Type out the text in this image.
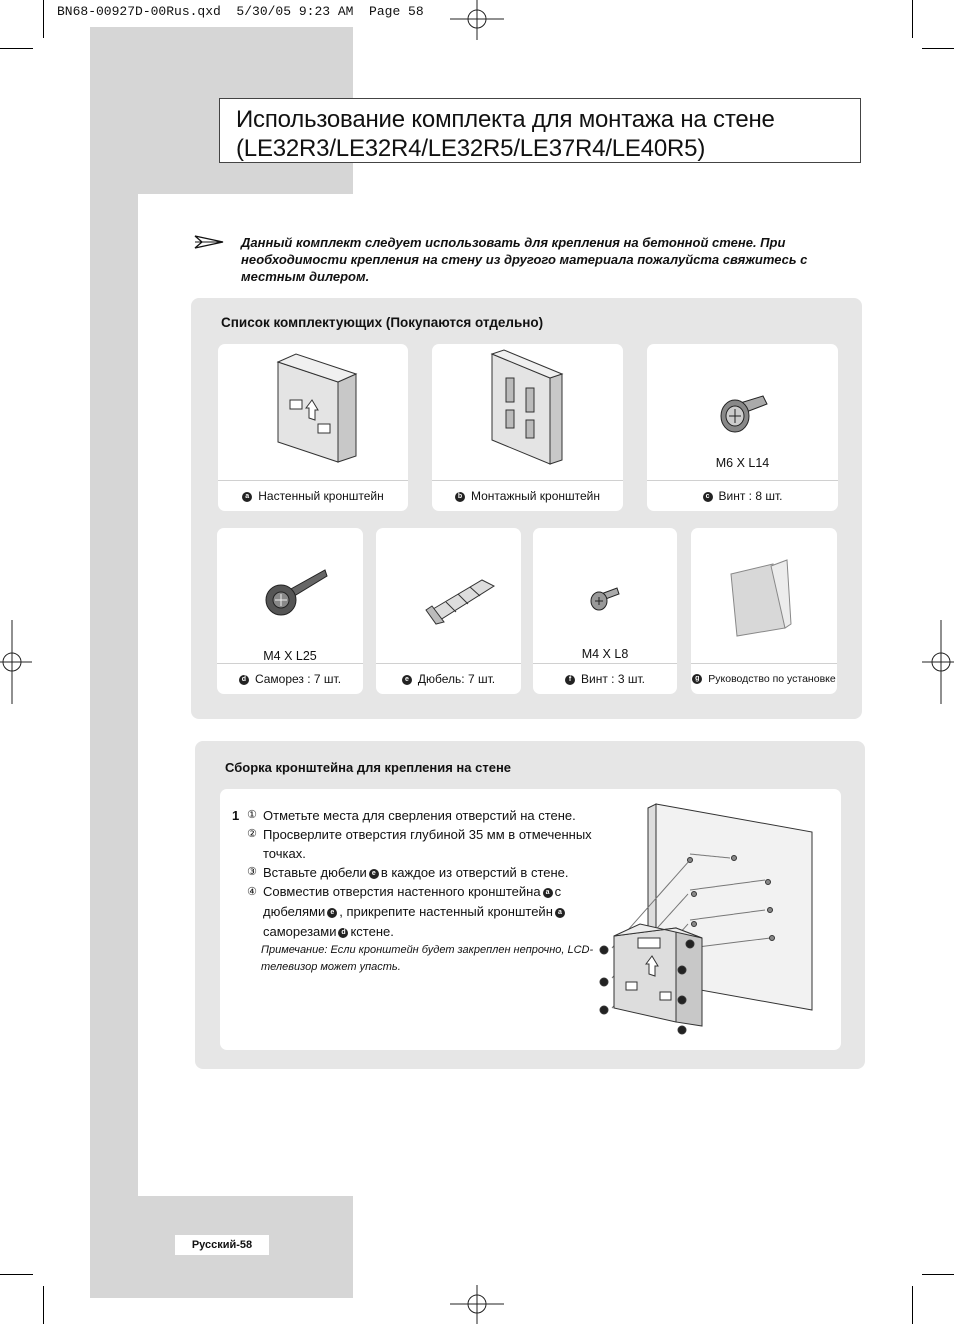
BN68-00927D-00Rus.qxd  5/30/05 9:23 AM  Page 58
Использование комплекта для монтажа на стене
(LE32R3/LE32R4/LE32R5/LE37R4/LE40R5)
Данный комплект следует использовать для крепления на бетонной стене. При необходимости крепления на стену из другого материала пожалуйста свяжитесь с местным дилером.
Список комплектующих (Покупаются отдельно)
a Настенный кронштейн	b Монтажный кронштейн
M6 X L14
c Винт : 8 шт.
M4 X L25
d Саморез : 7 шт.	e Дюбель: 7 шт.
M4 X L8
f Винт : 3 шт.	g Руководство по установке
Сборка кронштейна для крепления на стене
1 ① Отметьте места для сверления отверстий на стене.
② Просверлите отверстия глубиной 35 мм в отмеченных точках.
③ Вставьте дюбели e в каждое из отверстий в стене.
④ Совместив отверстия настенного кронштейна a с дюбелями e , прикрепите настенный кронштейн aсаморезами d кстене.
Примечание: Если кронштейн будет закреплен непрочно, LCD-телевизор может упасть.
Русский-58
